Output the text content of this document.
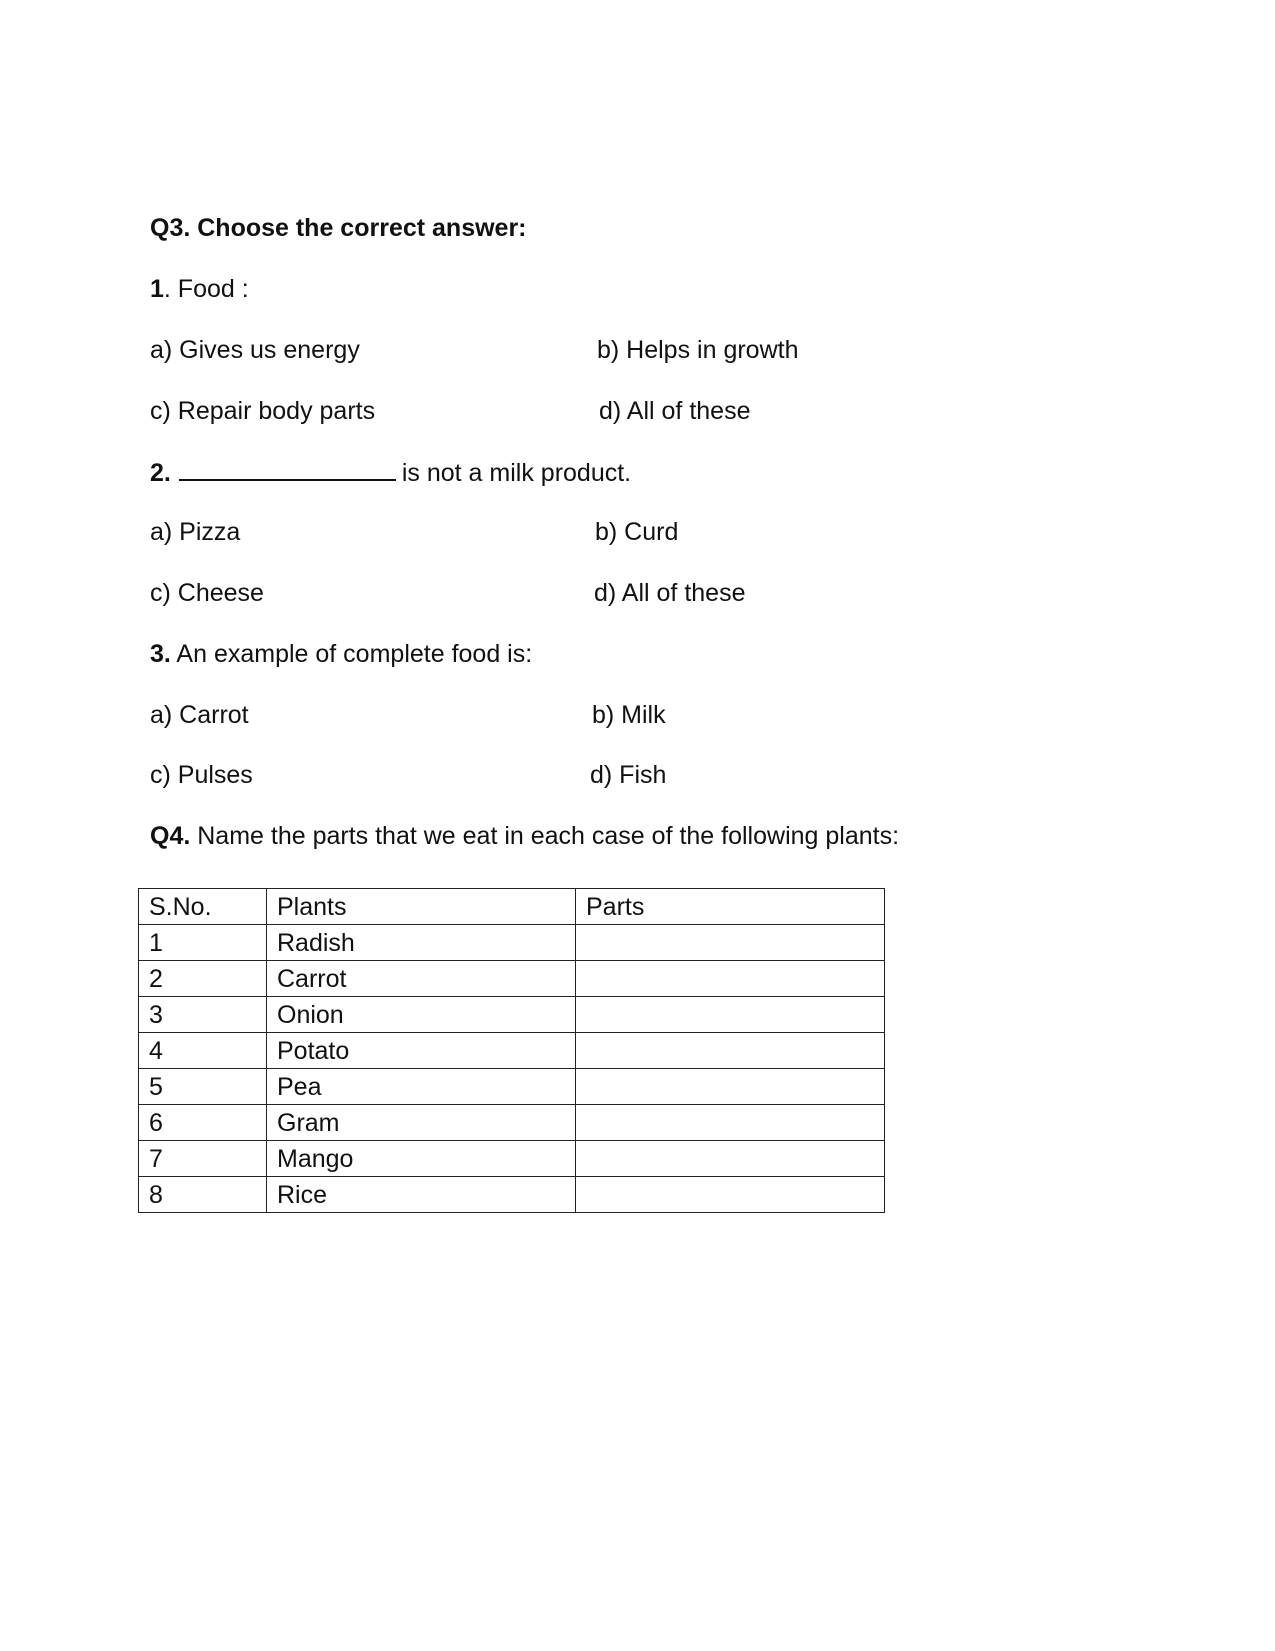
Q3. Choose the correct answer:
1. Food :
a) Gives us energy	b) Helps in growth
c) Repair body parts	d) All of these
2.	is not a milk product.
a) Pizza	b) Curd
c) Cheese	d) All of these
3. An example of complete food is:
a) Carrot	b) Milk
c) Pulses	d) Fish
Q4. Name the parts that we eat in each case of the following plants:
S.No.	Plants	Parts
1	Radish	
2	Carrot	
3	Onion	
4	Potato	
5	Pea	
6	Gram	
7	Mango	
8	Rice	
